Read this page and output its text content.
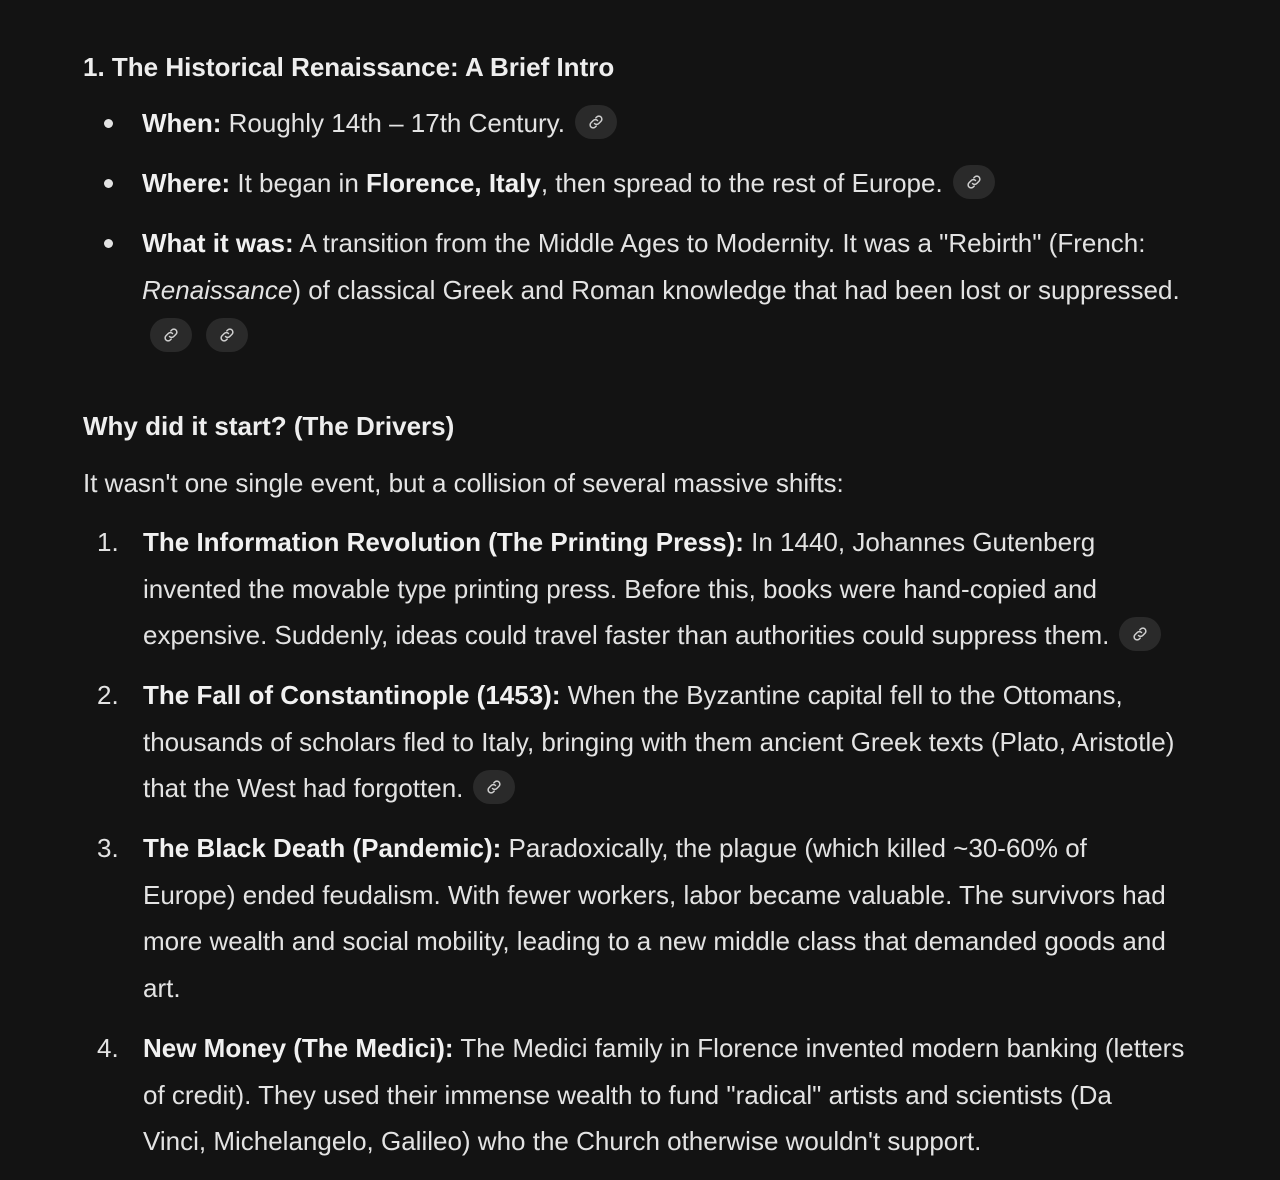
1. The Historical Renaissance: A Brief Intro
When: Roughly 14th – 17th Century.
Where: It began in Florence, Italy, then spread to the rest of Europe.
What it was: A transition from the Middle Ages to Modernity. It was a "Rebirth" (French:
Renaissance) of classical Greek and Roman knowledge that had been lost or suppressed.
Why did it start? (The Drivers)

It wasn't one single event, but a collision of several massive shifts:

1. The Information Revolution (The Printing Press): In 1440, Johannes Gutenberg
invented the movable type printing press. Before this, books were hand-copied and
expensive. Suddenly, ideas could travel faster than authorities could suppress them.
2. The Fall of Constantinople (1453): When the Byzantine capital fell to the Ottomans,
thousands of scholars fled to Italy, bringing with them ancient Greek texts (Plato, Aristotle)
that the West had forgotten.
3. The Black Death (Pandemic): Paradoxically, the plague (which killed ~30-60% of
Europe) ended feudalism. With fewer workers, labor became valuable. The survivors had
more wealth and social mobility, leading to a new middle class that demanded goods and
art.
4. New Money (The Medici): The Medici family in Florence invented modern banking (letters
of credit). They used their immense wealth to fund "radical" artists and scientists (Da
Vinci, Michelangelo, Galileo) who the Church otherwise wouldn't support.
